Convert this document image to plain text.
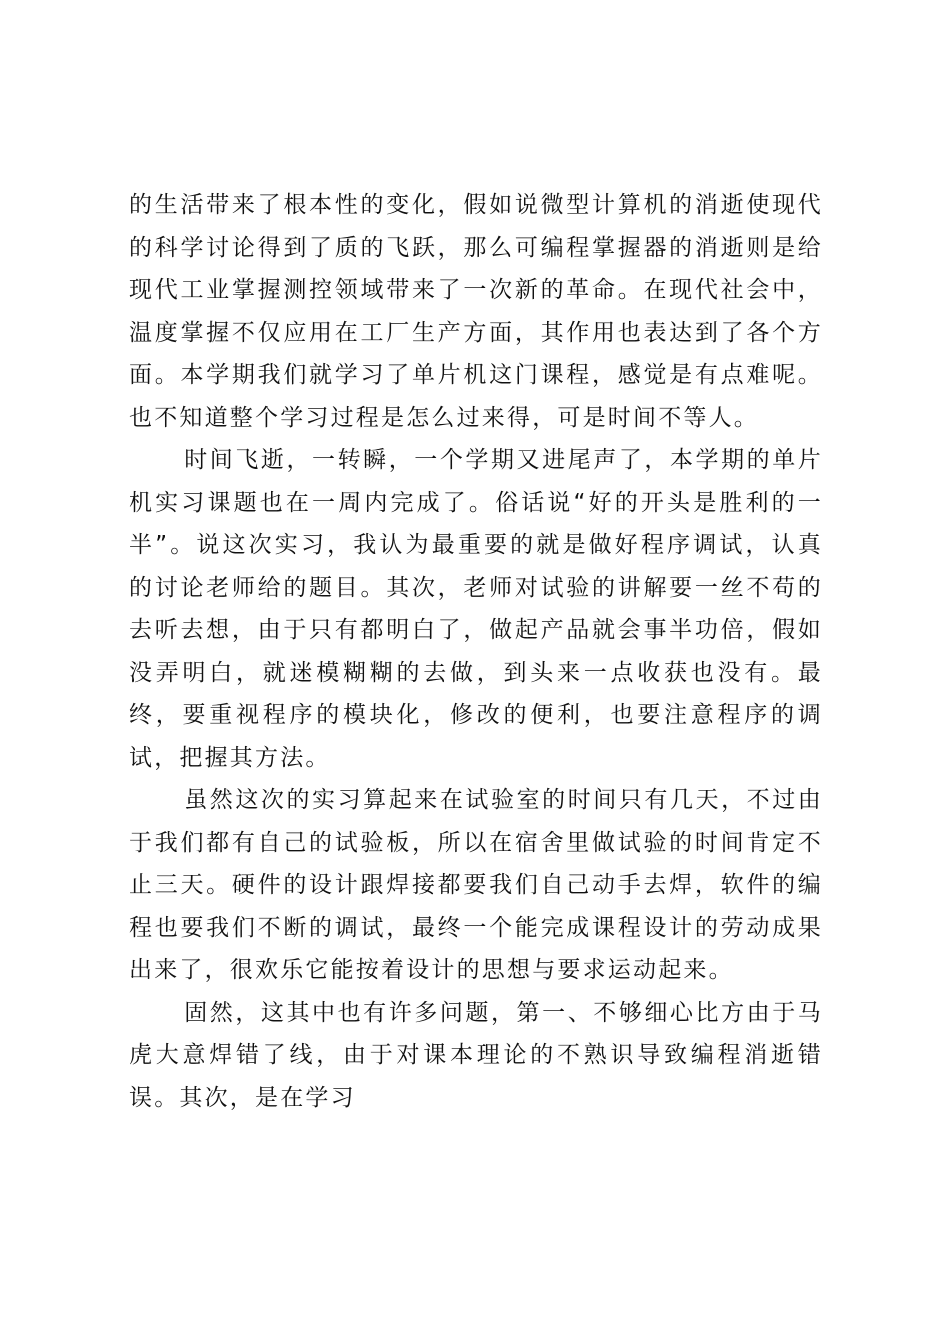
的生活带来了根本性的变化，假如说微型计算机的消逝使现代的科学讨论得到了质的飞跃，那么可编程掌握器的消逝则是给现代工业掌握测控领域带来了一次新的革命。在现代社会中，温度掌握不仅应用在工厂生产方面，其作用也表达到了各个方面。本学期我们就学习了单片机这门课程，感觉是有点难呢。也不知道整个学习过程是怎么过来得，可是时间不等人。

时间飞逝，一转瞬，一个学期又进尾声了，本学期的单片机实习课题也在一周内完成了。俗话说“好的开头是胜利的一半”。说这次实习，我认为最重要的就是做好程序调试，认真的讨论老师给的题目。其次，老师对试验的讲解要一丝不苟的去听去想，由于只有都明白了，做起产品就会事半功倍，假如没弄明白，就迷模糊糊的去做，到头来一点收获也没有。最终，要重视程序的模块化，修改的便利，也要注意程序的调试，把握其方法。

虽然这次的实习算起来在试验室的时间只有几天，不过由于我们都有自己的试验板，所以在宿舍里做试验的时间肯定不止三天。硬件的设计跟焊接都要我们自己动手去焊，软件的编程也要我们不断的调试，最终一个能完成课程设计的劳动成果出来了，很欢乐它能按着设计的思想与要求运动起来。

固然，这其中也有许多问题，第一、不够细心比方由于马虎大意焊错了线，由于对课本理论的不熟识导致编程消逝错误。其次，是在学习
